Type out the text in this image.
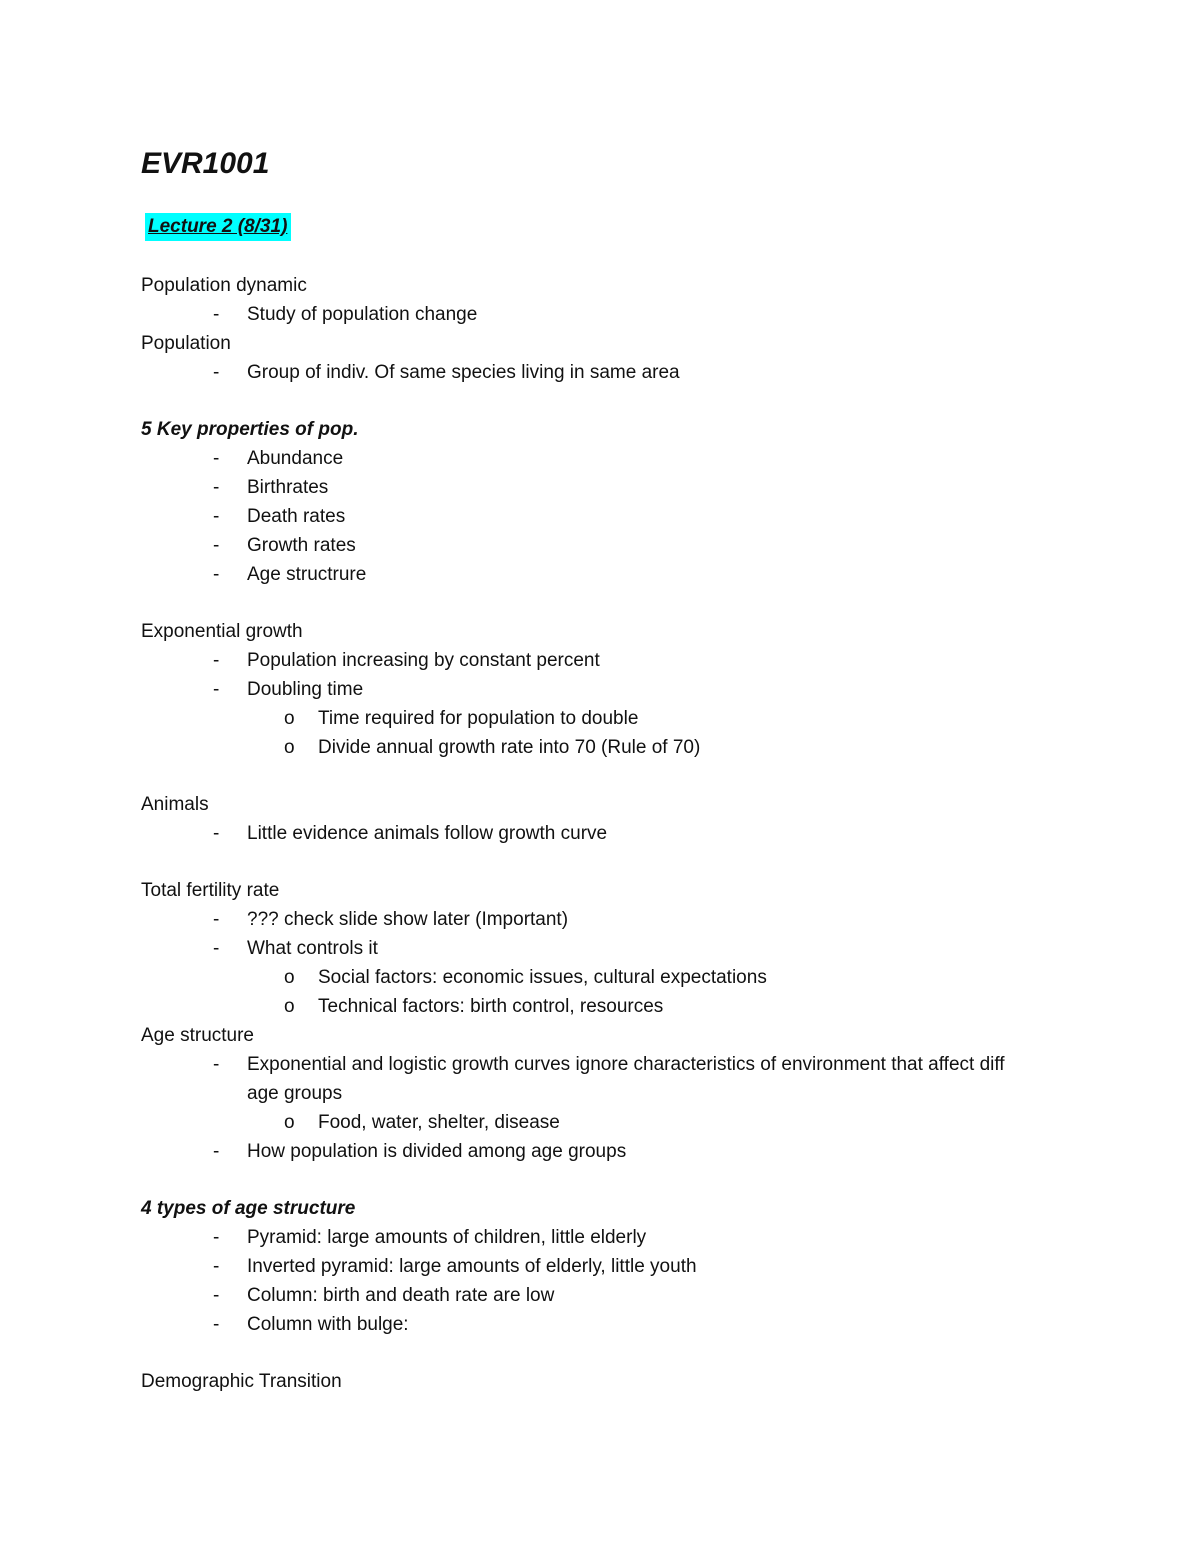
EVR1001
Lecture 2 (8/31)
Population dynamic
- Study of population change
Population
- Group of indiv. Of same species living in same area
5 Key properties of pop.
- Abundance
- Birthrates
- Death rates
- Growth rates
- Age structrure
Exponential growth
- Population increasing by constant percent
- Doubling time
o Time required for population to double
o Divide annual growth rate into 70 (Rule of 70)
Animals
- Little evidence animals follow growth curve
Total fertility rate
- ??? check slide show later (Important)
- What controls it
o Social factors: economic issues, cultural expectations
o Technical factors: birth control, resources
Age structure
- Exponential and logistic growth curves ignore characteristics of environment that affect diff age groups
o Food, water, shelter, disease
- How population is divided among age groups
4 types of age structure
- Pyramid: large amounts of children, little elderly
- Inverted pyramid: large amounts of elderly, little youth
- Column: birth and death rate are low
- Column with bulge:
Demographic Transition
